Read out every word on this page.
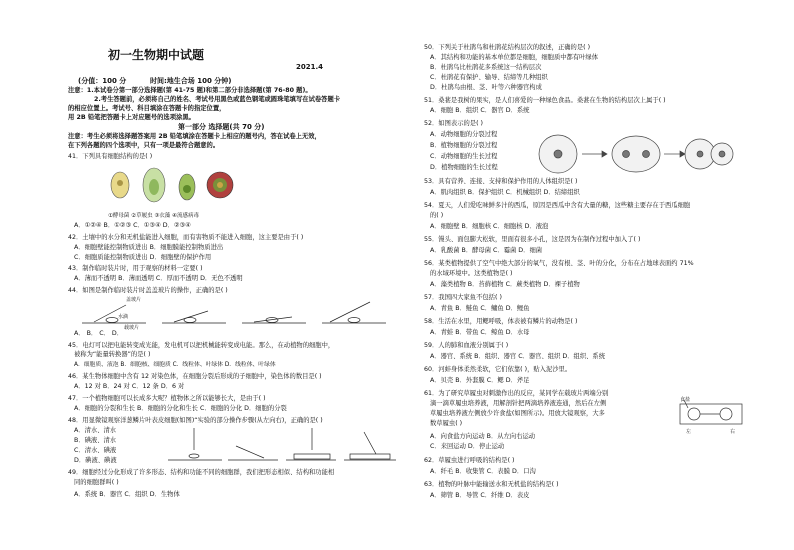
初一生物期中试题
2021.4
(分值：100 分	时间:地生合场 100 分钟)
注意：1.本试卷分第一部分选择题(第 41-75 题)和第二部分非选择题(第 76-80 题)。
2.考生答题前，必须将自己的姓名、考试号用黑色或蓝色钢笔或圆珠笔填写在试卷答题卡
的相应位置上。考试号、科目填涂在答题卡的指定位置，
用 2B 铅笔把答题卡上对应题号的选项涂黑。
第一部分 选择题(共 70 分)
注意：考生必须将选择题答案用 2B 铅笔填涂在答题卡上相应的题号内，答在试卷上无效，
在下列各题的四个选项中，只有一项是最符合题意的。
41．下列具有细胞结构的是( )
①酵母菌 ②草履虫 ③衣藻 ④流感病毒
A．①②④ B．①②③ C．①③④ D．②③④
42．土壤中的水分和无机盐能进入细胞，而有害物质不能进入细胞，这主要是由于( )
A．细胞壁能控制物质进出 B．细胞膜能控制物质进出
C．细胞质能控制物质进出 D．细胞壁的保护作用
43．制作临时装片时，用于观察的材料一定要( )
A．薄而不透明 B．薄而透明 C．厚而不透明 D．无色不透明
44．如图是制作临时装片时盖盖玻片的操作，正确的是( )
盖玻片
水滴
载玻片
A． B． C． D．
45．电灯可以把电能转变成光能，发电机可以把机械能转变成电能。那么，在动植物的细胞中，
被称为“能量转换器”的是( )
A．细胞质、液泡 B．细胞核、细胞质 C．线粒体、叶绿体 D．线粒体、叶绿体
46．某生物体细胞中含有 12 对染色体，在细胞分裂后形成的子细胞中，染色体的数目是( )
A．12 对 B．24 对 C．12 条 D．6 对
47．一个植物细胞可以长成多大呢？植物体之所以能够长大，是由于( )
A．细胞的分裂和生长 B．细胞的分化和生长 C．细胞的分化 D．细胞的分裂
48．用显微镜观察洋葱鳞片叶表皮细胞(如图)“实验的部分操作步骤(从左向右)，正确的是( )
A．清水、清水
B．碘液、清水
C．清水、碘液
D．碘液、碘液
49．细胞经过分化形成了许多形态、结构和功能不同的细胞群，我们把形态相似、结构和功能相
同的细胞群叫( )
A．系统 B．器官 C．组织 D．生物体
50．下列关于杜鹃鸟和杜鹃花结构层次的叙述，正确的是( )
A．其结构和功能的基本单位都是细胞，细胞质中都有叶绿体
B．杜鹃鸟比杜鹃花多系统这一结构层次
C．杜鹃花有保护、输导、结缔等几种组织
D．杜鹃鸟由根、茎、叶等六种器官构成
51．桑葚是我树的果实，是人们喜爱的一种绿色食品。桑葚在生物的结构层次上属于( )
A．细胞 B．组织 C．器官 D．系统
52．如图表示的是( )
A．动物细胞的分裂过程
B．植物细胞的分裂过程
C．动物细胞的生长过程
D．植物细胞的生长过程
53．具有营养、连接、支持和保护作用的人体组织是( )
A．肌肉组织 B．保护组织 C．机械组织 D．结缔组织
54．夏天，人们爱吃味鲜多汁的西瓜，原因是西瓜中含有大量的糖，这些糖主要存在于西瓜细胞
的( )
A．细胞壁 B．细胞核 C．细胞核 D．液泡
55．馒头、面包膨大松软，里面有很多小孔，这是因为在制作过程中加入了( )
A．乳酸菌 B．酵母菌 C．霉菌 D．细菌
56．某类植物提供了空气中绝大部分的氧气，没有根、茎、叶的分化，分布在占地球表面约 71%
的水域环境中。这类植物是( )
A．藻类植物 B．苔藓植物 C．蕨类植物 D．裸子植物
57．我国四大家鱼不包括( )
A．青鱼 B．鲢鱼 C．鳙鱼 D．鲤鱼
58．生活在水里，用鳃呼吸，体表被有鳞片的动物是( )
A．青蛙 B．带鱼 C．鲸鱼 D．水母
59．人的肺和血液分别属于( )
A．器官、系统 B．组织、器官 C．器官、组织 D．组织、系统
60．河蚌身体柔然柔软，它们依靠( )，贴入泥沙里。
A．贝壳 B．外套膜 C．鳃 D．斧足
61．为了研究草履虫对刺激作出的反应，某同学在载玻片两端分别
滴一滴草履虫培养液，用解剖针把两滴培养液连通，然后在左侧
草履虫培养液左侧放少许食盐(如图所示)。用放大镜观察，大多
数草履虫( )
食盐
左	右
A．向食盐方向运动 B．从左向右运动
C．来回运动 D．停止运动
62．草履虫进行呼吸的结构是( )
A．纤毛 B．收集管 C．表膜 D．口沟
63．植物的叶脉中能输送水和无机盐的结构是( )
A．筛管 B．导管 C．纤维 D．表皮
